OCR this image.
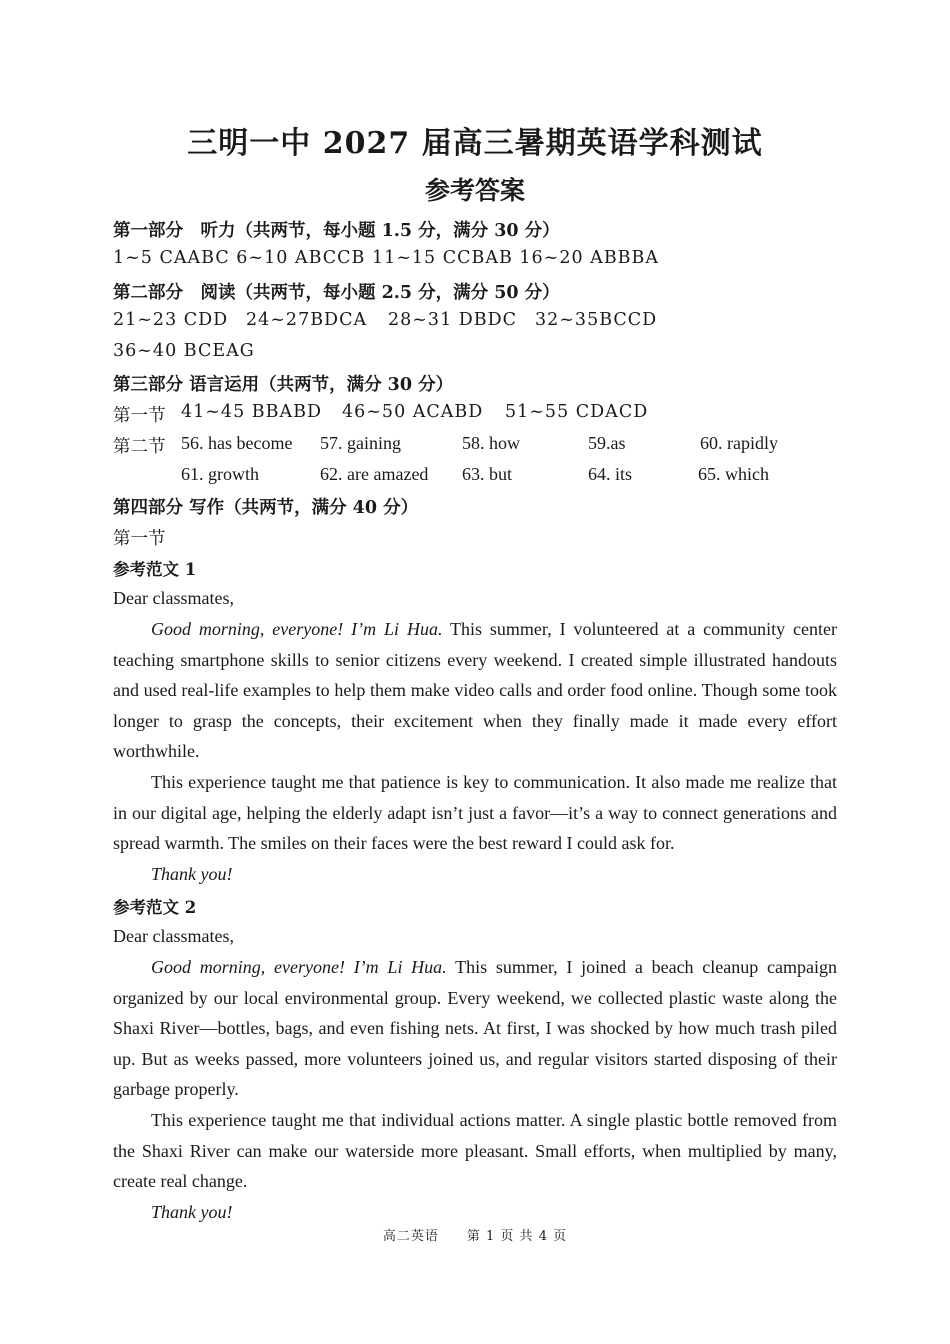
三明一中 2027 届高三暑期英语学科测试
参考答案
第一部分　听力（共两节，每小题 1.5 分，满分 30 分）
1~5 CAABC 6~10 ABCCB 11~15 CCBAB 16~20 ABBBA
第二部分　阅读（共两节，每小题 2.5 分，满分 50 分）
21~23 CDD 24~27BDCA 28~31 DBDC 32~35BCCD
36~40 BCEAG
第三部分 语言运用（共两节，满分 30 分）
第一节 41~45 BBABD 46~50 ACABD 51~55 CDACD
第二节 56. has become 57. gaining	58. how	59.as	60. rapidly
61. growth	62. are amazed 63. but	64. its	65. which
第四部分 写作（共两节，满分 40 分）
第一节
参考范文 1
Dear classmates,
Good morning, everyone! I’m Li Hua. This summer, I volunteered at a community center teaching smartphone skills to senior citizens every weekend. I created simple illustrated handouts and used real-life examples to help them make video calls and order food online. Though some took longer to grasp the concepts, their excitement when they finally made it made every effort worthwhile.
This experience taught me that patience is key to communication. It also made me realize that in our digital age, helping the elderly adapt isn’t just a favor—it’s a way to connect generations and spread warmth. The smiles on their faces were the best reward I could ask for.
Thank you!
参考范文 2
Dear classmates,
Good morning, everyone! I’m Li Hua. This summer, I joined a beach cleanup campaign organized by our local environmental group. Every weekend, we collected plastic waste along the Shaxi River—bottles, bags, and even fishing nets. At first, I was shocked by how much trash piled up. But as weeks passed, more volunteers joined us, and regular visitors started disposing of their garbage properly.
This experience taught me that individual actions matter. A single plastic bottle removed from the Shaxi River can make our waterside more pleasant. Small efforts, when multiplied by many, create real change.
Thank you!
高二英语　　第 1 页 共 4 页
